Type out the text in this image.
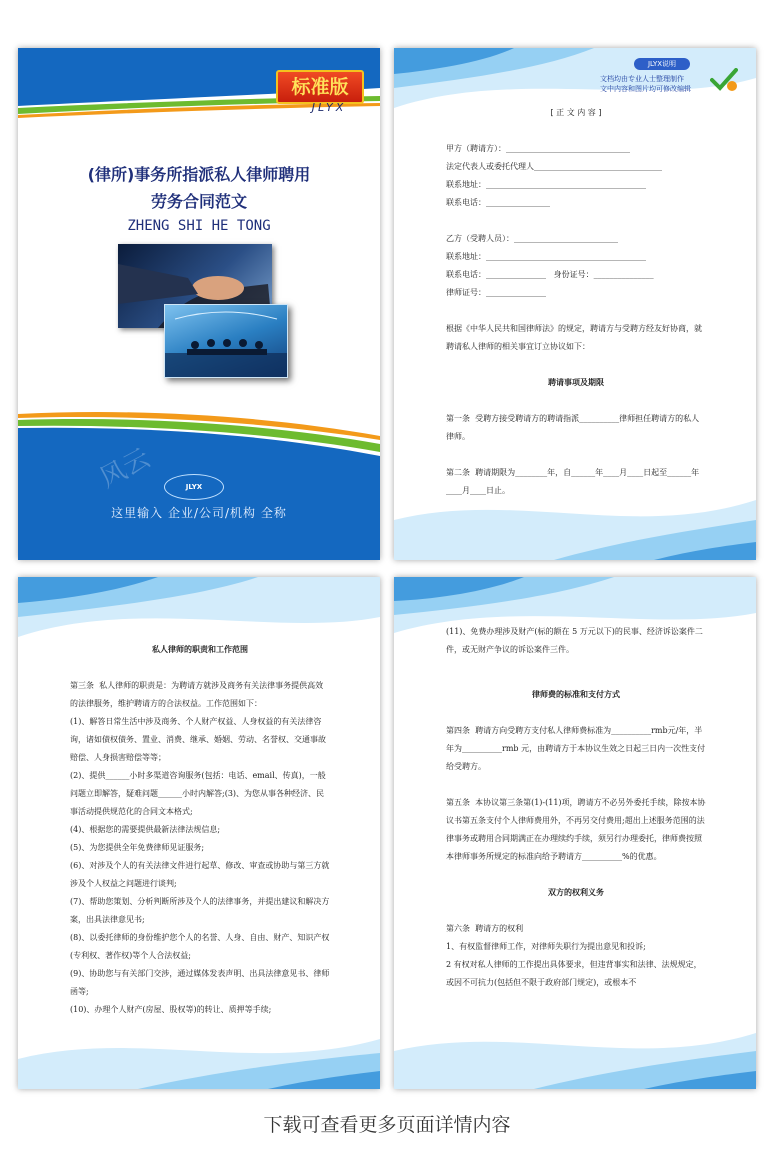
标准版
JLYX
(律所)事务所指派私人律师聘用
劳务合同范文
ZHENG SHI HE TONG
风云	JLYX
这里输入 企业/公司/机构 全称
JLYX说明
文档均由专业人士整理制作
文中内容和图片均可修改编辑

[ 正 文 内 容 ]

甲方（聘请方）：_______________________________

法定代表人或委托代理人________________________________

联系地址：________________________________________

联系电话：________________

乙方（受聘人员）：__________________________

联系地址：________________________________________

联系电话：_______________   身份证号：_______________

律师证号：_______________

根据《中华人民共和国律师法》的规定，聘请方与受聘方经友好协商，就聘请私人律师的相关事宜订立协议如下：

聘请事项及期限

第一条  受聘方接受聘请方的聘请指派__________律师担任聘请方的私人律师。

第二条  聘请期限为________年，自______年____月____日起至______年____月____日止。

私人律师的职责和工作范围

第三条  私人律师的职责是：为聘请方就涉及商务有关法律事务提供高效的法律服务，维护聘请方的合法权益。工作范围如下：

(1)、解答日常生活中涉及商务、个人财产权益、人身权益的有关法律咨询，诸如债权债务、置业、消费、继承、婚姻、劳动、名誉权、交通事故赔偿、人身损害赔偿等等；

(2)、提供______小时多渠道咨询服务(包括：电话、email、传真)，一般问题立即解答，疑难问题______小时内解答;(3)、为您从事各种经济、民事活动提供规范化的合同文本格式;

(4)、根据您的需要提供最新法律法规信息;

(5)、为您提供全年免费律师见证服务;

(6)、对涉及个人的有关法律文件进行起草、修改、审查或协助与第三方就涉及个人权益之问题进行谈判;

(7)、帮助您策划、分析判断所涉及个人的法律事务，并提出建议和解决方案，出具法律意见书;

(8)、以委托律师的身份维护您个人的名誉、人身、自由、财产、知识产权(专利权、著作权)等个人合法权益;

(9)、协助您与有关部门交涉，通过媒体发表声明、出具法律意见书、律师函等;

(10)、办理个人财产(房屋、股权等)的转让、质押等手续;

(11)、免费办理涉及财产(标的额在 5 万元以下)的民事、经济诉讼案件二件，或无财产争议的诉讼案件三件。

律师费的标准和支付方式

第四条  聘请方向受聘方支付私人律师费标准为__________rmb元/年，半年为__________rmb 元，由聘请方于本协议生效之日起三日内一次性支付给受聘方。

第五条  本协议第三条第(1)-(11)项，聘请方不必另外委托手续，除按本协议书第五条支付个人律师费用外，不再另交付费用;超出上述服务范围的法律事务或聘用合同期满正在办理续约手续，须另行办理委托，律师费按照本律师事务所规定的标准向给予聘请方__________%的优惠。

双方的权利义务

第六条  聘请方的权利

1、有权监督律师工作，对律师失职行为提出意见和投诉;

2 有权对私人律师的工作提出具体要求，但违背事实和法律、法规规定，或因不可抗力(包括但不限于政府部门规定)，或根本不

下载可查看更多页面详情内容
